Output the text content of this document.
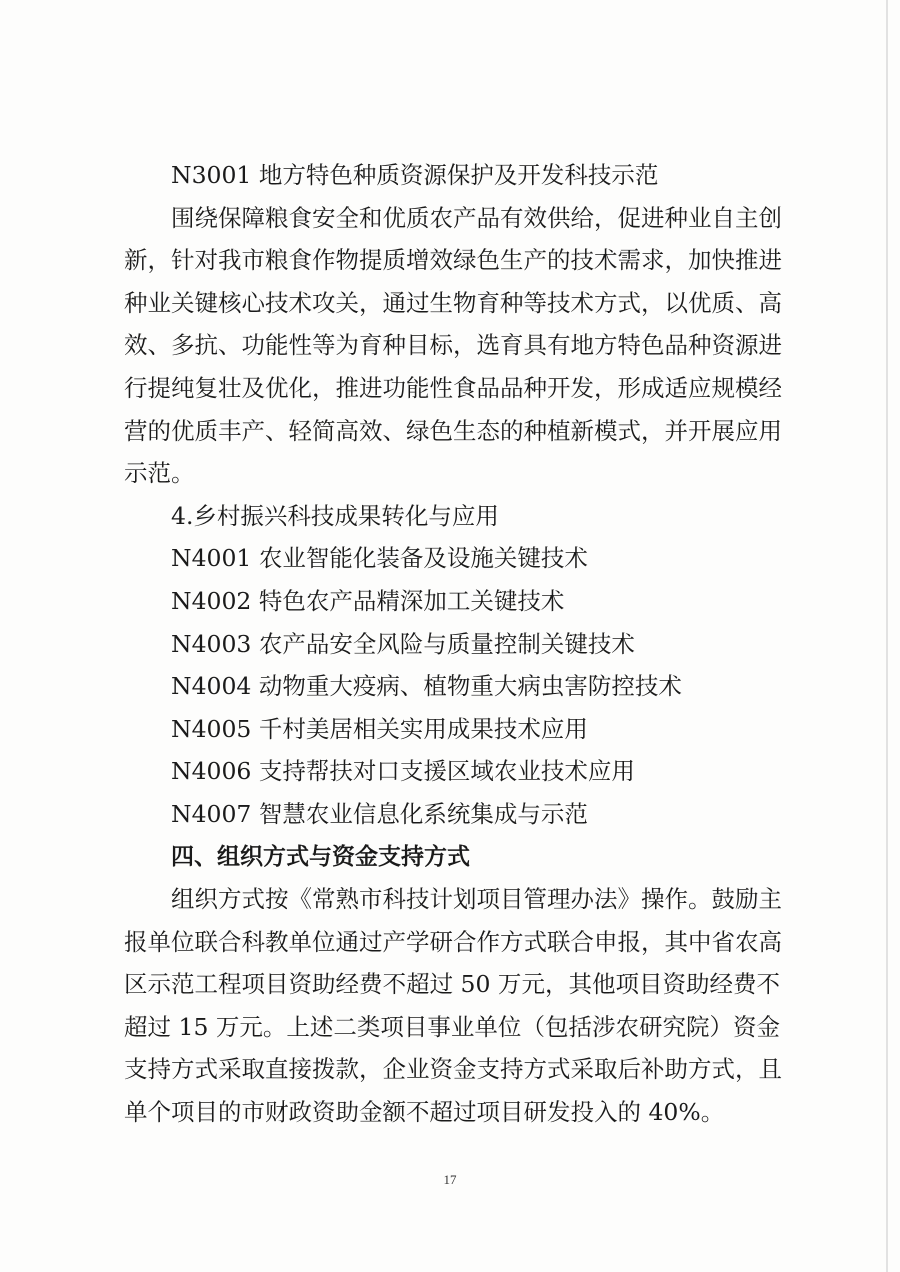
N3001 地方特色种质资源保护及开发科技示范
围绕保障粮食安全和优质农产品有效供给，促进种业自主创
新，针对我市粮食作物提质增效绿色生产的技术需求，加快推进
种业关键核心技术攻关，通过生物育种等技术方式，以优质、高
效、多抗、功能性等为育种目标，选育具有地方特色品种资源进
行提纯复壮及优化，推进功能性食品品种开发，形成适应规模经
营的优质丰产、轻简高效、绿色生态的种植新模式，并开展应用
示范。
4.乡村振兴科技成果转化与应用
N4001 农业智能化装备及设施关键技术
N4002 特色农产品精深加工关键技术
N4003 农产品安全风险与质量控制关键技术
N4004 动物重大疫病、植物重大病虫害防控技术
N4005 千村美居相关实用成果技术应用
N4006 支持帮扶对口支援区域农业技术应用
N4007 智慧农业信息化系统集成与示范
四、组织方式与资金支持方式
组织方式按《常熟市科技计划项目管理办法》操作。鼓励主
报单位联合科教单位通过产学研合作方式联合申报，其中省农高
区示范工程项目资助经费不超过 50 万元，其他项目资助经费不
超过 15 万元。上述二类项目事业单位（包括涉农研究院）资金
支持方式采取直接拨款，企业资金支持方式采取后补助方式，且
单个项目的市财政资助金额不超过项目研发投入的 40%。
17
